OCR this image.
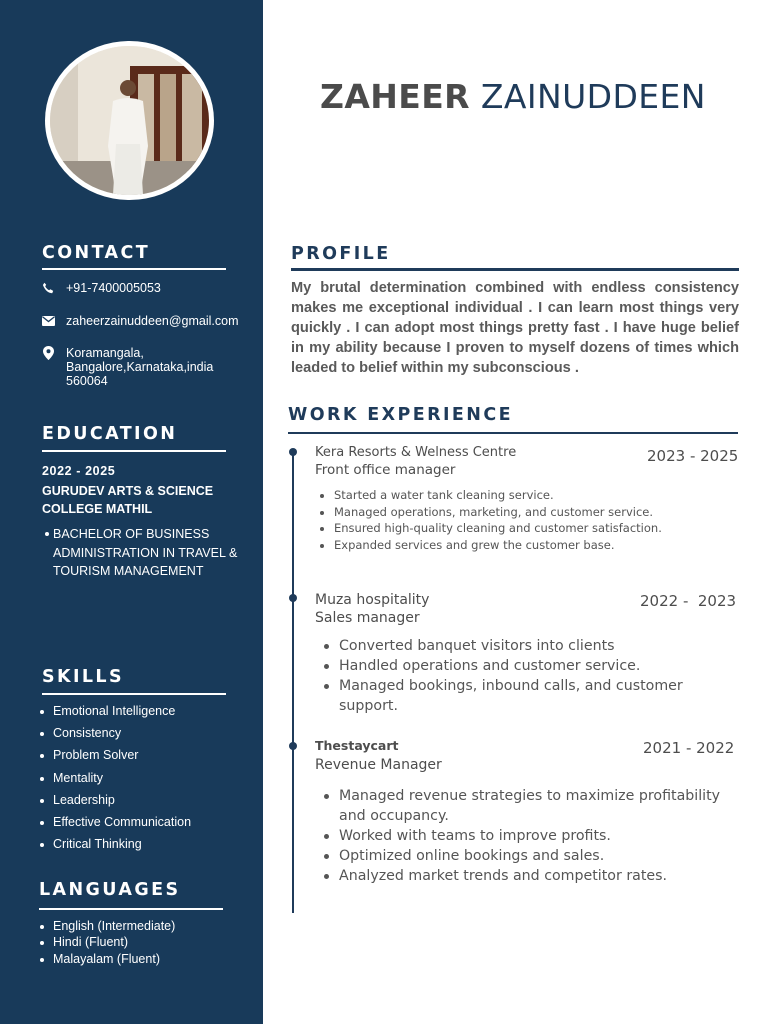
CONTACT
+91-7400005053
zaheerzainuddeen@gmail.com
Koramangala,
Bangalore,Karnataka,india
560064
EDUCATION
2022 - 2025
GURUDEV ARTS & SCIENCE COLLEGE MATHIL
BACHELOR OF BUSINESS ADMINISTRATION IN TRAVEL & TOURISM MANAGEMENT
SKILLS
Emotional Intelligence
Consistency
Problem Solver
Mentality
Leadership
Effective Communication
Critical Thinking
LANGUAGES
English (Intermediate)
Hindi (Fluent)
Malayalam (Fluent)
ZAHEER ZAINUDDEEN
PROFILE
My brutal determination combined with endless consistency makes me exceptional individual . I can learn most things very quickly . I can adopt most things pretty fast . I have huge belief in my ability because I proven to myself dozens of times which leaded to belief within my subconscious .
WORK EXPERIENCE
Kera Resorts & Welness Centre
Front office manager
2023 - 2025
Started a water tank cleaning service.
Managed operations, marketing, and customer service.
Ensured high-quality cleaning and customer satisfaction.
Expanded services and grew the customer base.
Muza hospitality
Sales manager
2022 -  2023
Converted banquet visitors into clients
Handled operations and customer service.
Managed bookings, inbound calls, and customer support.
Thestaycart
Revenue Manager
2021 - 2022
Managed revenue strategies to maximize profitability and occupancy.
Worked with teams to improve profits.
Optimized online bookings and sales.
Analyzed market trends and competitor rates.
